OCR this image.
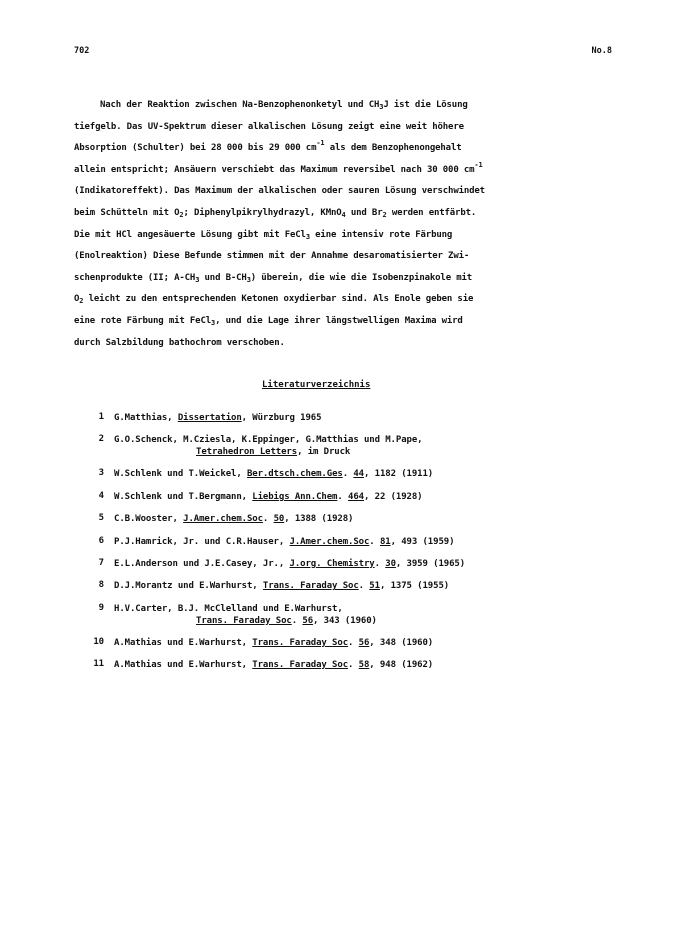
702	No.8
Nach der Reaktion zwischen Na-Benzophenonketyl und $CH_3J$ ist die Lösung
tiefgelb. Das UV-Spektrum dieser alkalischen Lösung zeigt eine weit höhere
Absorption (Schulter) bei 28 000 bis 29 000 $cm^{-1}$ als dem Benzophenongehalt
allein entspricht; Ansäuern verschiebt das Maximum reversibel nach 30 000 $cm^{-1}$
(Indikatoreffekt). Das Maximum der alkalischen oder sauren Lösung verschwindet
beim Schütteln mit $O_2$; Diphenylpikrylhydrazyl, KMnO$_4$ und $Br_2$ werden entfärbt.
Die mit HCl angesäuerte Lösung gibt mit FeCl$_3$ eine intensiv rote Färbung
(Enolreaktion) Diese Befunde stimmen mit der Annahme desaromatisierter Zwi-
schenprodukte (II; $A-CH_3$ und $B-CH_3$) überein, die wie die Isobenzpinakole mit
$O_2$ leicht zu den entsprechenden Ketonen oxydierbar sind. Als Enole geben sie
eine rote Färbung mit FeCl$_3$, und die Lage ihrer längstwelligen Maxima wird
durch Salzbildung bathochrom verschoben.
Literaturverzeichnis
1	G.Matthias, Dissertation, Würzburg 1965
2	G.O.Schenck, M.Cziesla, K.Eppinger, G.Matthias und M.Pape,
Tetrahedron Letters, im Druck
3	W.Schlenk und T.Weickel, Ber.dtsch.chem.Ges. 44, 1182 (1911)
4	W.Schlenk und T.Bergmann, Liebigs Ann.Chem. 464, 22 (1928)
5	C.B.Wooster, J.Amer.chem.Soc. 50, 1388 (1928)
6	P.J.Hamrick, Jr. und C.R.Hauser, J.Amer.chem.Soc. 81, 493 (1959)
7	E.L.Anderson und J.E.Casey, Jr., J.org. Chemistry. 30, 3959 (1965)
8	D.J.Morantz und E.Warhurst, Trans. Faraday Soc. 51, 1375 (1955)
9	H.V.Carter, B.J. McClelland und E.Warhurst,
Trans. Faraday Soc. 56, 343 (1960)
10	A.Mathias und E.Warhurst, Trans. Faraday Soc. 56, 348 (1960)
11	A.Mathias und E.Warhurst, Trans. Faraday Soc. 58, 948 (1962)
